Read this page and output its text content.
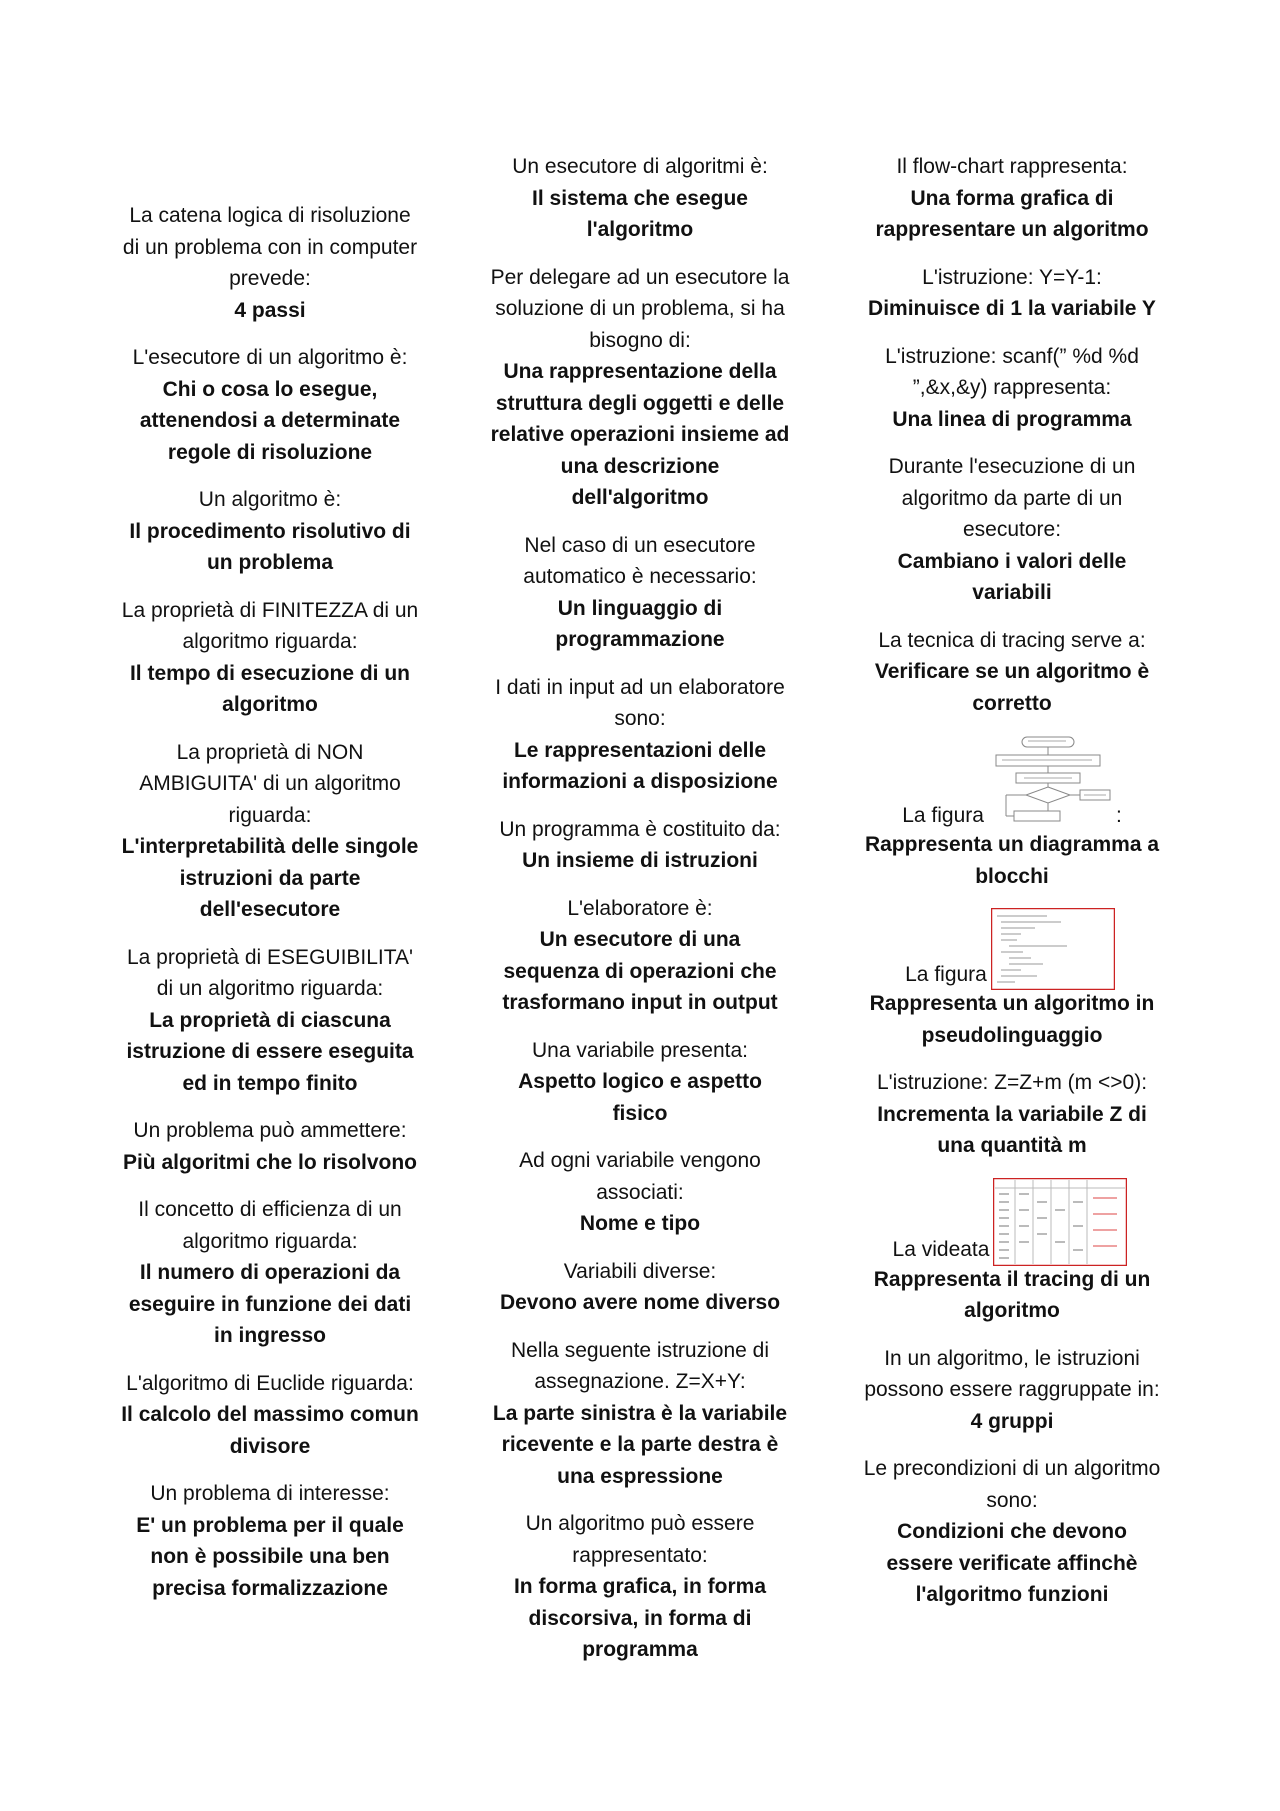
La catena logica di risoluzione di un problema con in computer prevede:
4 passi
L'esecutore di un algoritmo è:
Chi o cosa lo esegue, attenendosi a determinate regole di risoluzione
Un algoritmo è:
Il procedimento risolutivo di un problema
La proprietà di FINITEZZA di un algoritmo riguarda:
Il tempo di esecuzione di un algoritmo
La proprietà di NON AMBIGUITA' di un algoritmo riguarda:
L'interpretabilità delle singole istruzioni da parte dell'esecutore
La proprietà di ESEGUIBILITA' di un algoritmo riguarda:
La proprietà di ciascuna istruzione di essere eseguita ed in tempo finito
Un problema può ammettere:
Più algoritmi che lo risolvono
Il concetto di efficienza di un algoritmo riguarda:
Il numero di operazioni da eseguire in funzione dei dati in ingresso
L'algoritmo di Euclide riguarda:
Il calcolo del massimo comun divisore
Un problema di interesse:
E' un problema per il quale non è possibile una ben precisa formalizzazione
Un esecutore di algoritmi è:
Il sistema che esegue l'algoritmo
Per delegare ad un esecutore la soluzione di un problema, si ha bisogno di:
Una rappresentazione della struttura degli oggetti e delle relative operazioni insieme ad una descrizione dell'algoritmo
Nel caso di un esecutore automatico è necessario:
Un linguaggio di programmazione
I dati in input ad un elaboratore sono:
Le rappresentazioni delle informazioni a disposizione
Un programma è costituito da:
Un insieme di istruzioni
L'elaboratore è:
Un esecutore di una sequenza di operazioni che trasformano input in output
Una variabile presenta:
Aspetto logico e aspetto fisico
Ad ogni variabile vengono associati:
Nome e tipo
Variabili diverse:
Devono avere nome diverso
Nella seguente istruzione di assegnazione. Z=X+Y:
La parte sinistra è la variabile ricevente e la parte destra è una espressione
Un algoritmo può essere rappresentato:
In forma grafica, in forma discorsiva, in forma di programma
Il flow-chart rappresenta:
Una forma grafica di rappresentare un algoritmo
L'istruzione: Y=Y-1:
Diminuisce di 1 la variabile Y
L'istruzione: scanf(” %d %d ”,&x,&y) rappresenta:
Una linea di programma
Durante l'esecuzione di un algoritmo da parte di un esecutore:
Cambiano i valori delle variabili
La tecnica di tracing serve a:
Verificare se un algoritmo è corretto
La figura	:
Rappresenta un diagramma a blocchi
La figura
Rappresenta un algoritmo in pseudolinguaggio
L'istruzione: Z=Z+m (m <>0):
Incrementa la variabile Z di una quantità m
La videata
Rappresenta il tracing di un algoritmo
In un algoritmo, le istruzioni possono essere raggruppate in:
4 gruppi
Le precondizioni di un algoritmo sono:
Condizioni che devono essere verificate affinchè l'algoritmo funzioni
